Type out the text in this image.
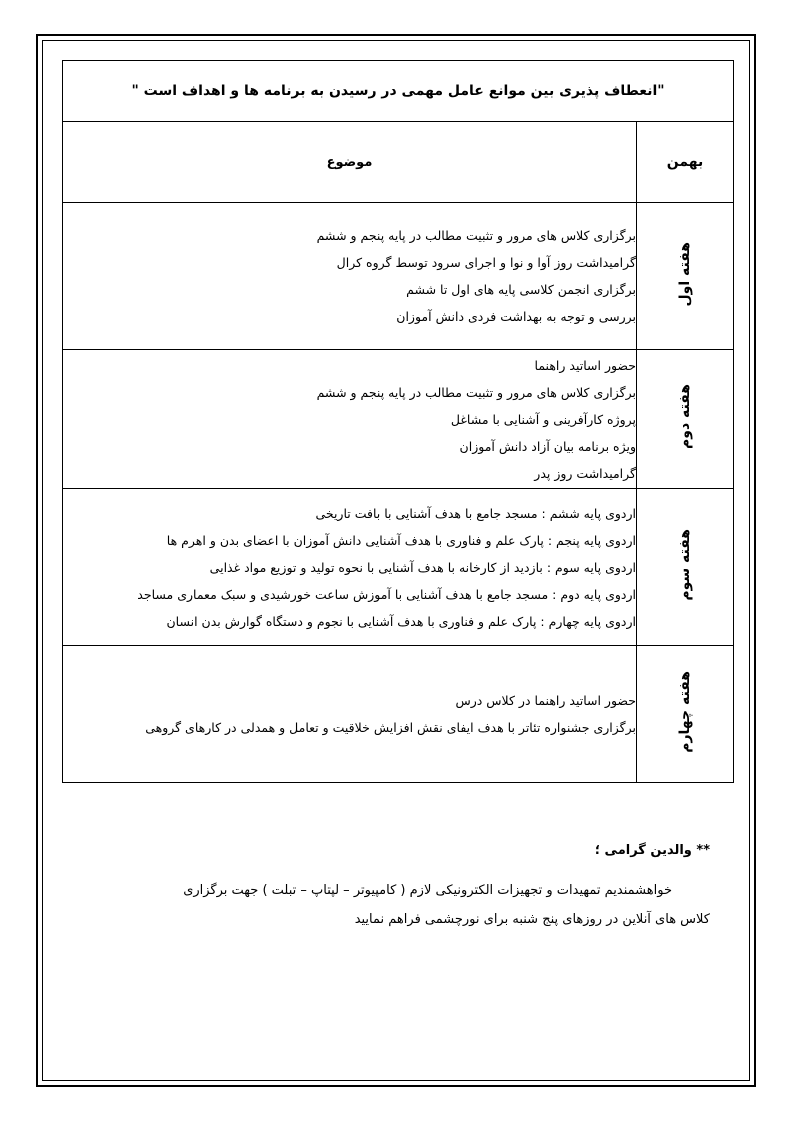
"انعطاف پذیری بین موانع عامل مهمی در رسیدن به برنامه ها و اهداف است "
بهمن	موضوع
هفته اول	برگزاری کلاس های مرور و تثبیت مطالب در پایه پنجم و ششم
گرامیداشت روز آوا و نوا و اجرای سرود توسط گروه کرال
برگزاری انجمن کلاسی پایه های اول تا ششم
بررسی و توجه به بهداشت فردی دانش آموزان

هفته دوم	حضور اساتید راهنما
برگزاری کلاس های مرور و تثبیت مطالب در پایه پنجم و ششم
پروژه کارآفرینی و آشنایی با مشاغل
ویژه برنامه بیان آزاد دانش آموزان
گرامیداشت روز پدر

هفته سوم	اردوی پایه ششم : مسجد جامع با هدف آشنایی با بافت تاریخی
اردوی پایه پنجم : پارک علم و فناوری با هدف آشنایی دانش آموزان با اعضای بدن و اهرم ها
اردوی پایه سوم : بازدید از کارخانه با هدف آشنایی با نحوه تولید و توزیع مواد غذایی
اردوی پایه دوم : مسجد جامع با هدف آشنایی با آموزش ساعت خورشیدی و سبک معماری مساجد
اردوی پایه چهارم : پارک علم و فناوری با هدف آشنایی با نجوم و دستگاه گوارش بدن انسان

هفته چهارم	حضور اساتید راهنما در کلاس درس
برگزاری جشنواره تئاتر با هدف ایفای نقش افزایش خلاقیت و تعامل و همدلی در کارهای گروهی
** والدین گرامی ؛
خواهشمندیم تمهیدات و تجهیزات الکترونیکی لازم ( کامپیوتر – لپتاپ – تبلت ) جهت برگزاری
کلاس های آنلاین در روزهای پنج شنبه برای نورچشمی فراهم نمایید
